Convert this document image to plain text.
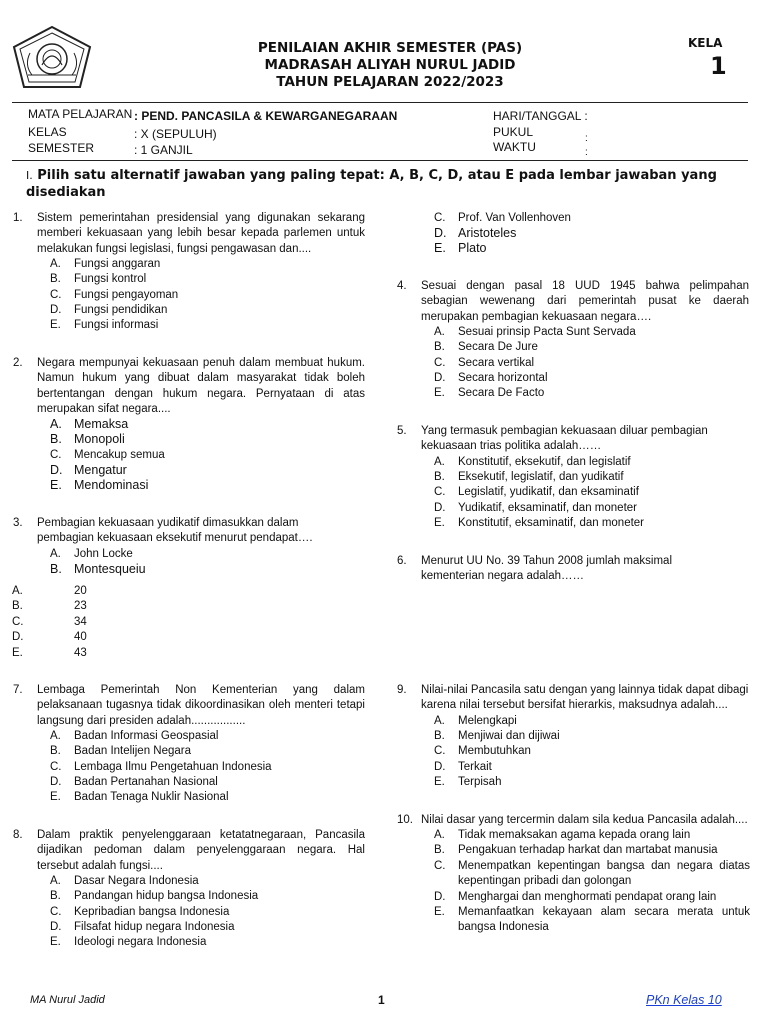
PENILAIAN AKHIR SEMESTER (PAS)
MADRASAH ALIYAH NURUL JADID
TAHUN PELAJARAN 2022/2023
KELA
1
MATA PELAJARAN : PEND. PANCASILA & KEWARGANEGARAAN
KELAS	: X (SEPULUH)
SEMESTER	: 1 GANJIL
HARI/TANGGAL :
PUKUL
WAKTU
:
:
I. Pilih satu alternatif jawaban yang paling tepat: A, B, C, D, atau E pada lembar jawaban yang disediakan
1. Sistem pemerintahan presidensial yang digunakan sekarang memberi kekuasaan yang lebih besar kepada parlemen untuk melakukan fungsi legislasi, fungsi pengawasan dan....
A. Fungsi anggaran
B. Fungsi kontrol
C. Fungsi pengayoman
D. Fungsi pendidikan
E. Fungsi informasi
2. Negara mempunyai kekuasaan penuh dalam membuat hukum. Namun hukum yang dibuat dalam masyarakat tidak boleh bertentangan dengan hukum negara. Pernyataan di atas merupakan sifat negara....
A. Memaksa
B. Monopoli
C. Mencakup semua
D. Mengatur
E. Mendominasi
3. Pembagian kekuasaan yudikatif dimasukkan dalam pembagian kekuasaan eksekutif menurut pendapat….
A. John Locke
B. Montesqueiu
C. Prof. Van Vollenhoven
D. Aristoteles
E. Plato
4. Sesuai dengan pasal 18 UUD 1945 bahwa pelimpahan sebagian wewenang dari pemerintah pusat ke daerah merupakan pembagian kekuasaan negara….
A. Sesuai prinsip Pacta Sunt Servada
B. Secara De Jure
C. Secara vertikal
D. Secara horizontal
E. Secara De Facto
5. Yang termasuk pembagian kekuasaan diluar pembagian kekuasaan trias politika adalah……
A. Konstitutif, eksekutif, dan legislatif
B. Eksekutif, legislatif, dan yudikatif
C. Legislatif, yudikatif, dan eksaminatif
D. Yudikatif, eksaminatif, dan moneter
E. Konstitutif, eksaminatif, dan moneter
6. Menurut UU No. 39 Tahun 2008 jumlah maksimal kementerian negara adalah……
A.	20
B.	23
C.	34
D.	40
E.	43
7. Lembaga Pemerintah Non Kementerian yang dalam pelaksanaan tugasnya tidak dikoordinasikan oleh menteri tetapi langsung dari presiden adalah.................
A. Badan Informasi Geospasial
B. Badan Intelijen Negara
C. Lembaga Ilmu Pengetahuan Indonesia
D. Badan Pertanahan Nasional
E. Badan Tenaga Nuklir Nasional
8. Dalam praktik penyelenggaraan ketatatnegaraan, Pancasila dijadikan pedoman dalam penyelenggaraan negara. Hal tersebut adalah fungsi....
A. Dasar Negara Indonesia
B. Pandangan hidup bangsa Indonesia
C. Kepribadian bangsa Indonesia
D. Filsafat hidup negara Indonesia
E. Ideologi negara Indonesia
9. Nilai-nilai Pancasila satu dengan yang lainnya tidak dapat dibagi karena nilai tersebut bersifat hierarkis, maksudnya adalah....
A. Melengkapi
B. Menjiwai dan dijiwai
C. Membutuhkan
D. Terkait
E. Terpisah
10. Nilai dasar yang tercermin dalam sila kedua Pancasila adalah....
A. Tidak memaksakan agama kepada orang lain
B. Pengakuan terhadap harkat dan martabat manusia
C. Menempatkan kepentingan bangsa dan negara diatas kepentingan pribadi dan golongan
D. Menghargai dan menghormati pendapat orang lain
E. Memanfaatkan kekayaan alam secara merata untuk bangsa Indonesia
MA Nurul Jadid	1	PKn Kelas 10
